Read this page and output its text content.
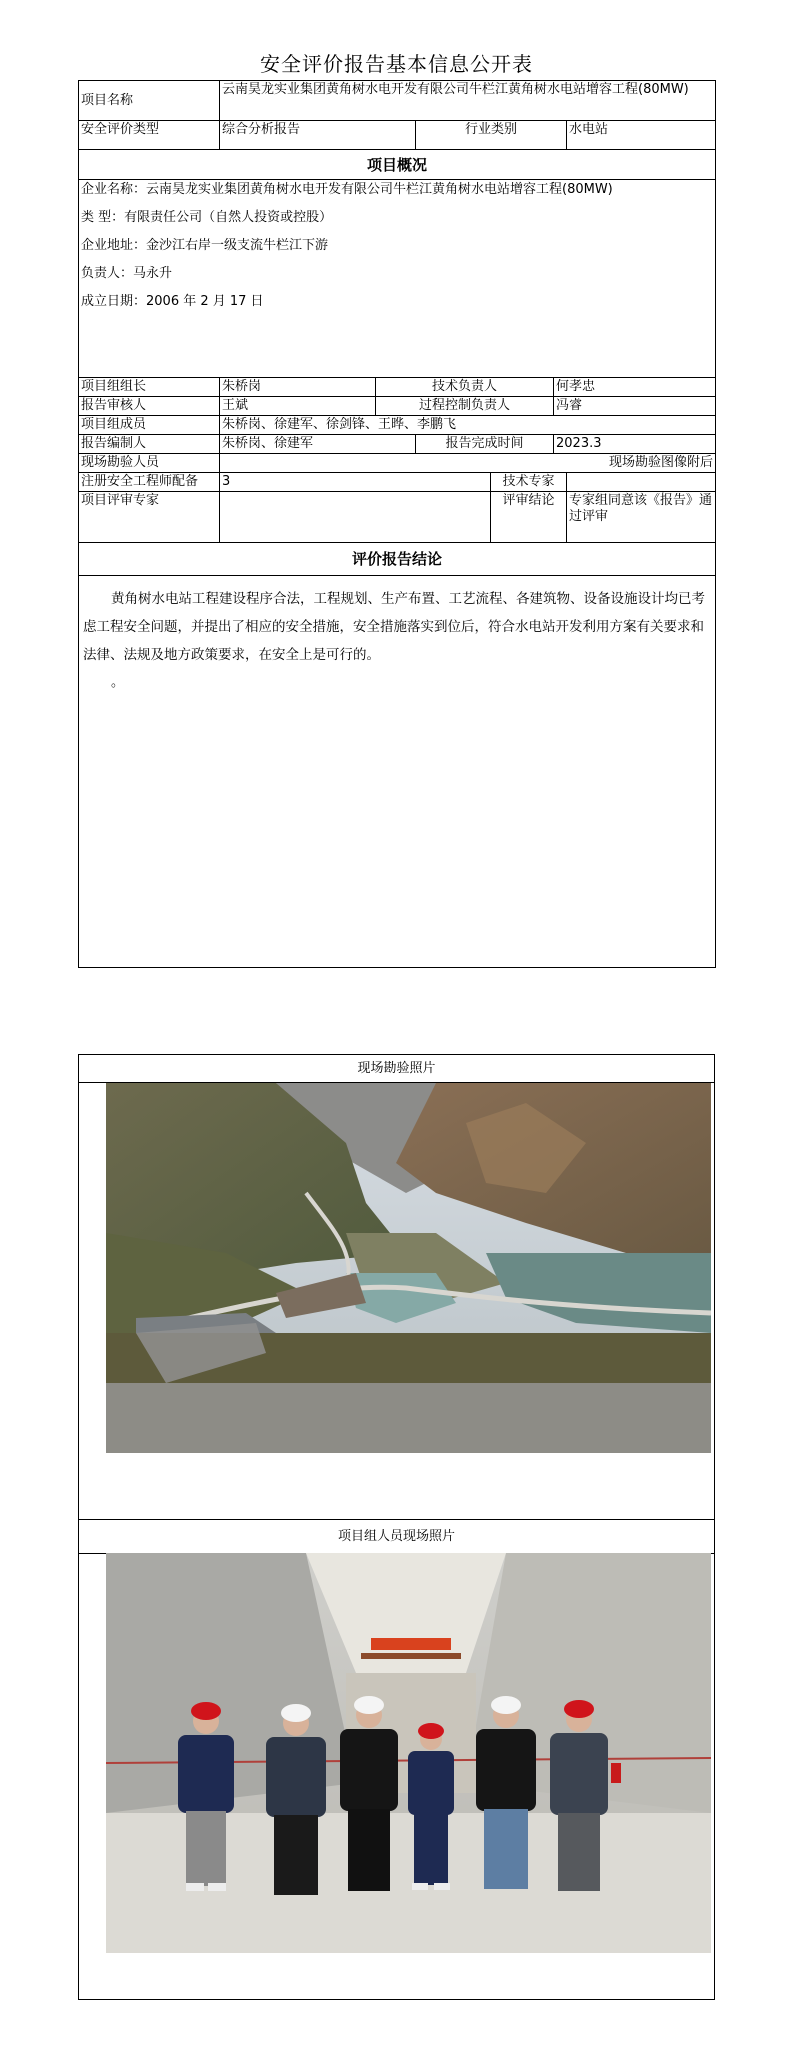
安全评价报告基本信息公开表
项目名称	云南昊龙实业集团黄角树水电开发有限公司牛栏江黄角树水电站增容工程(80MW)					
安全评价类型	综合分析报告		行业类别			水电站
项目概况						

企业名称：云南昊龙实业集团黄角树水电开发有限公司牛栏江黄角树水电站增容工程(80MW)

类 型：有限责任公司（自然人投资或控股）

企业地址：金沙江右岸一级支流牛栏江下游

负责人：马永升

成立日期：2006 年 2 月 17 日						

项目组组长	朱桥岗	技术负责人			何孝忠	
报告审核人	王斌	过程控制负责人			冯睿	
项目组成员	朱桥岗、徐建军、徐剑锋、王晔、李鹏飞					
报告编制人	朱桥岗、徐建军		报告完成时间		2023.3	
现场勘验人员	现场勘验图像附后					
注册安全工程师配备	3			技术专家		
项目评审专家				评审结论		专家组同意该《报告》通过评审
评价报告结论						

黄角树水电站工程建设程序合法，工程规划、生产布置、工艺流程、各建筑物、设备设施设计均已考虑工程安全问题，并提出了相应的安全措施，安全措施落实到位后，符合水电站开发利用方案有关要求和法律、法规及地方政策要求，在安全上是可行的。

。						
现场勘验照片
项目组人员现场照片
